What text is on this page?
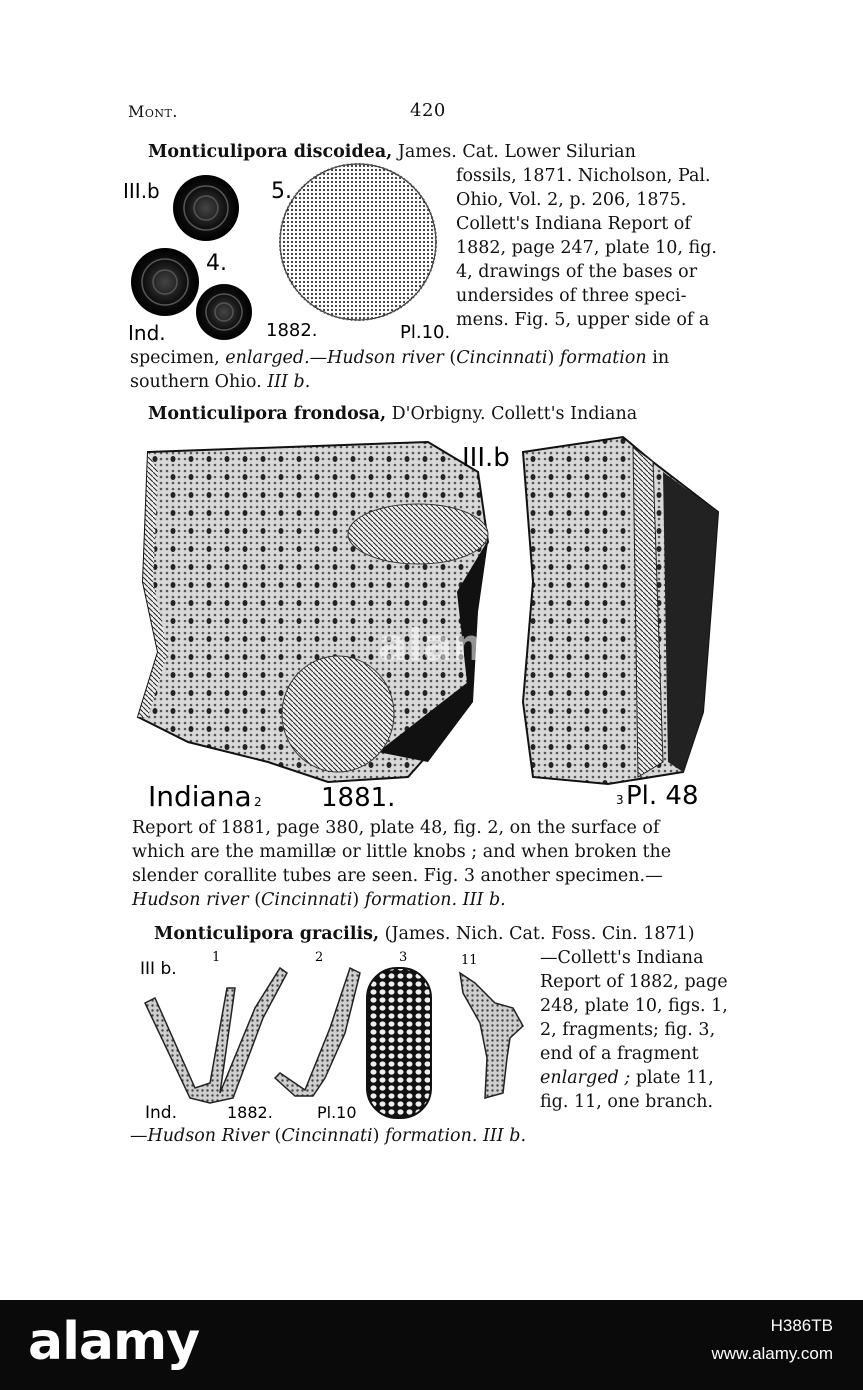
Mont.	420
Monticulipora discoidea, James. Cat. Lower Silurian
fossils, 1871. Nicholson, Pal.
Ohio, Vol. 2, p. 206, 1875.
Collett's Indiana Report of
1882, page 247, plate 10, fig.
4, drawings of the bases or
undersides of three speci-
mens. Fig. 5, upper side of a
specimen, enlarged.—Hudson river (Cincinnati) formation in
southern Ohio. III b.
III.b	5.
4.
Ind.	1882.	Pl.10.
Monticulipora frondosa, D'Orbigny. Collett's Indiana
III.b
Indiana 2 1881.	3 Pl. 48
Report of 1881, page 380, plate 48, fig. 2, on the surface of
which are the mamillæ or little knobs ; and when broken the
slender corallite tubes are seen. Fig. 3 another specimen.—
Hudson river (Cincinnati) formation. III b.
Monticulipora gracilis, (James. Nich. Cat. Foss. Cin. 1871)
—Collett's Indiana
Report of 1882, page
248, plate 10, figs. 1,
2, fragments; fig. 3,
end of a fragment
enlarged ; plate 11,
fig. 11, one branch.
—Hudson River (Cincinnati) formation. III b.
III b.
1	2	3	11
Ind.	1882.	Pl.10
alamy
alamy	H386TB
www.alamy.com
